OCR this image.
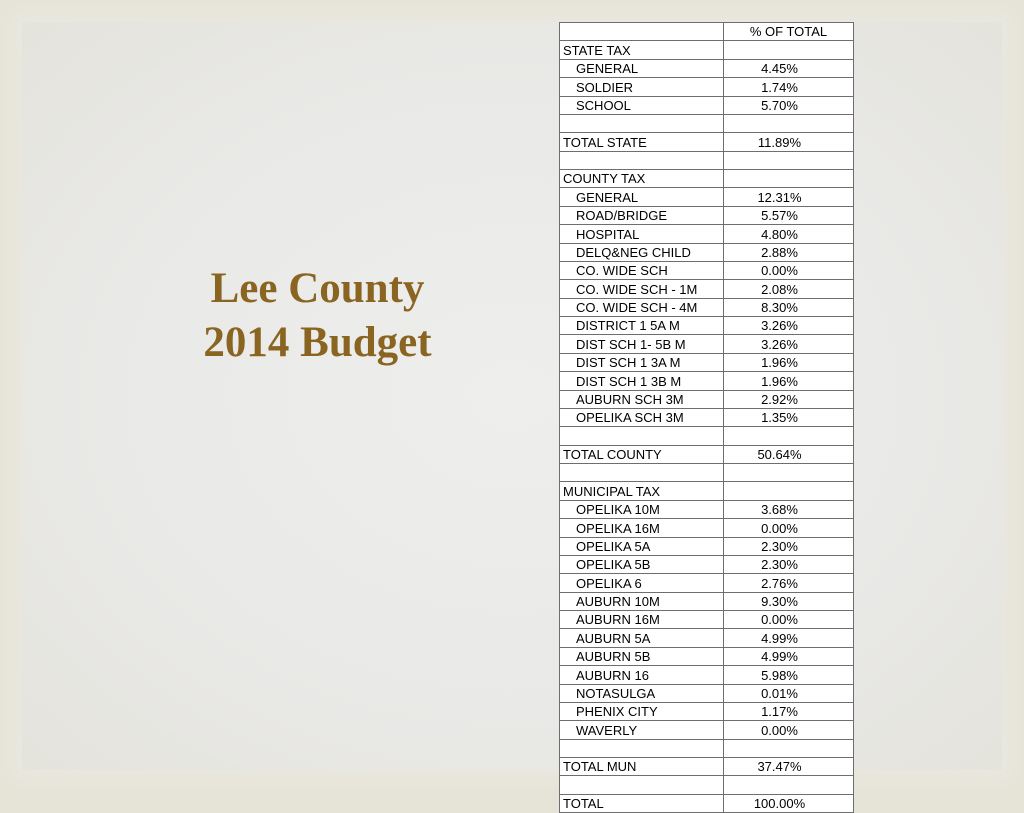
Lee County
2014 Budget
	% OF TOTAL
STATE TAX	
GENERAL	4.45%
SOLDIER	1.74%
SCHOOL	5.70%

TOTAL STATE	11.89%

COUNTY TAX	
GENERAL	12.31%
ROAD/BRIDGE	5.57%
HOSPITAL	4.80%
DELQ&NEG CHILD	2.88%
CO. WIDE SCH	0.00%
CO. WIDE SCH - 1M	2.08%
CO. WIDE SCH - 4M	8.30%
DISTRICT 1 5A M	3.26%
DIST SCH 1- 5B M	3.26%
DIST SCH 1 3A M	1.96%
DIST SCH 1 3B M	1.96%
AUBURN SCH 3M	2.92%
OPELIKA SCH 3M	1.35%

TOTAL COUNTY	50.64%

MUNICIPAL TAX	
OPELIKA 10M	3.68%
OPELIKA 16M	0.00%
OPELIKA 5A	2.30%
OPELIKA 5B	2.30%
OPELIKA 6	2.76%
AUBURN 10M	9.30%
AUBURN 16M	0.00%
AUBURN 5A	4.99%
AUBURN 5B	4.99%
AUBURN 16	5.98%
NOTASULGA	0.01%
PHENIX CITY	1.17%
WAVERLY	0.00%

TOTAL MUN	37.47%

TOTAL	100.00%
